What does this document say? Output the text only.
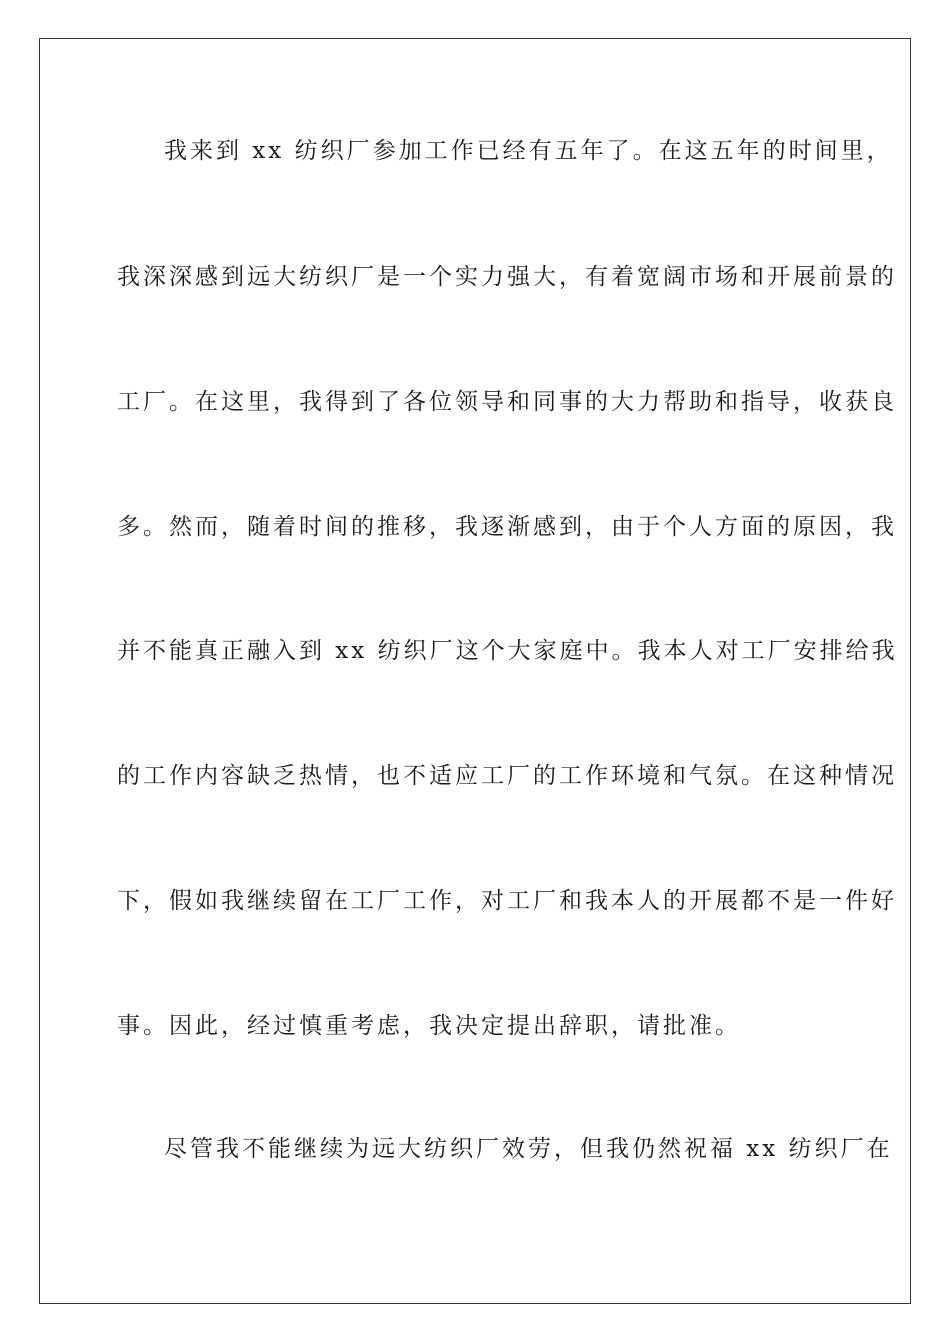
我来到 xx 纺织厂参加工作已经有五年了。在这五年的时间里，
我深深感到远大纺织厂是一个实力强大，有着宽阔市场和开展前景的
工厂。在这里，我得到了各位领导和同事的大力帮助和指导，收获良
多。然而，随着时间的推移，我逐渐感到，由于个人方面的原因，我
并不能真正融入到 xx 纺织厂这个大家庭中。我本人对工厂安排给我
的工作内容缺乏热情，也不适应工厂的工作环境和气氛。在这种情况
下，假如我继续留在工厂工作，对工厂和我本人的开展都不是一件好
事。因此，经过慎重考虑，我决定提出辞职，请批准。
尽管我不能继续为远大纺织厂效劳，但我仍然祝福 xx 纺织厂在
